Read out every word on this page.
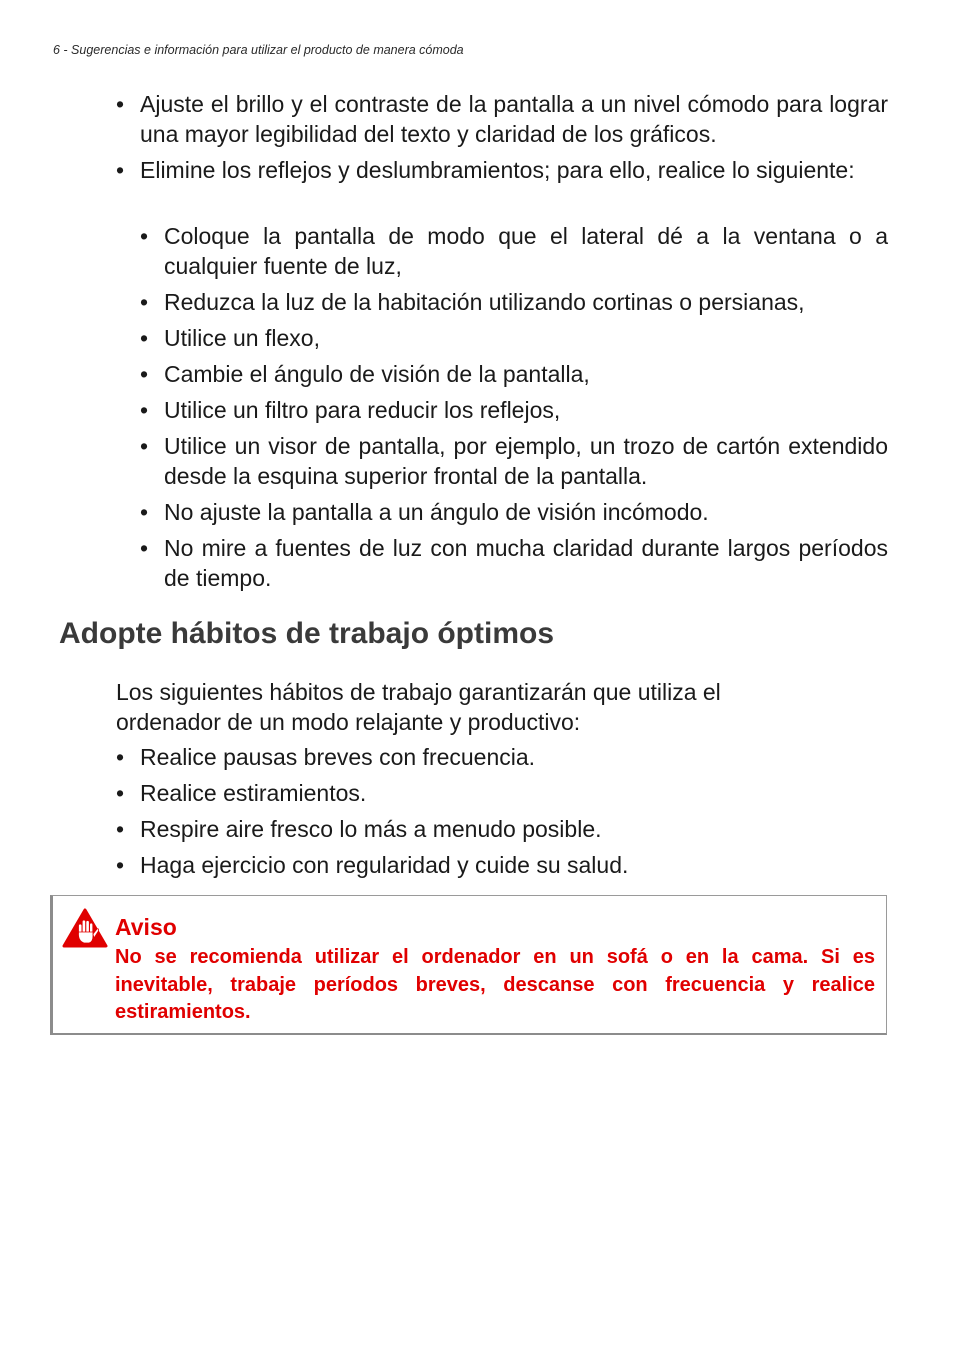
6 - Sugerencias e información para utilizar el producto de manera cómoda
• Ajuste el brillo y el contraste de la pantalla a un nivel cómodo para lograr una mayor legibilidad del texto y claridad de los gráficos.
• Elimine los reflejos y deslumbramientos; para ello, realice lo siguiente:
• Coloque la pantalla de modo que el lateral dé a la ventana o a cualquier fuente de luz,
• Reduzca la luz de la habitación utilizando cortinas o persianas,
• Utilice un flexo,
• Cambie el ángulo de visión de la pantalla,
• Utilice un filtro para reducir los reflejos,
• Utilice un visor de pantalla, por ejemplo, un trozo de cartón extendido desde la esquina superior frontal de la pantalla.
• No ajuste la pantalla a un ángulo de visión incómodo.
• No mire a fuentes de luz con mucha claridad durante largos períodos de tiempo.
Adopte hábitos de trabajo óptimos

Los siguientes hábitos de trabajo garantizarán que utiliza el ordenador de un modo relajante y productivo:

• Realice pausas breves con frecuencia.
• Realice estiramientos.
• Respire aire fresco lo más a menudo posible.
• Haga ejercicio con regularidad y cuide su salud.
Aviso

No se recomienda utilizar el ordenador en un sofá o en la cama. Si es inevitable, trabaje períodos breves, descanse con frecuencia y realice estiramientos.
